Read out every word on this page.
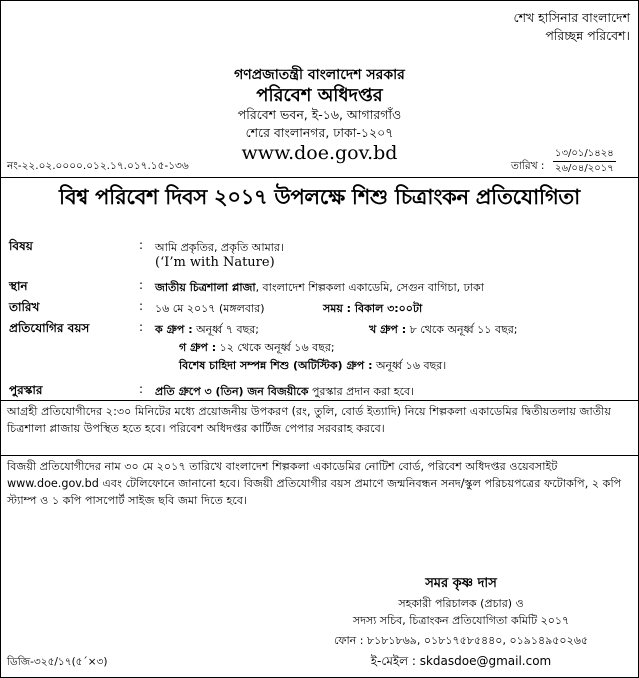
শেখ হাসিনার বাংলাদেশ
পরিচ্ছন্ন পরিবেশ।
গণপ্রজাতন্ত্রী বাংলাদেশ সরকার
পরিবেশ অধিদপ্তর
পরিবেশ ভবন, ই-১৬, আগারগাঁও
শেরে বাংলানগর, ঢাকা-১২০৭
www.doe.gov.bd
নং-২২.০২.০০০০.০১২.১৭.০১৭.১৫-১৩৬	তারিখ :
১৩/০১/১৪২৪
২৬/০৪/২০১৭
বিশ্ব পরিবেশ দিবস ২০১৭ উপলক্ষে শিশু চিত্রাংকন প্রতিযোগিতা
বিষয়	: আমি প্রকৃতির, প্রকৃতি আমার।
(‘I’m with Nature)
স্থান	: জাতীয় চিত্রশালা প্লাজা, বাংলাদেশ শিল্পকলা একাডেমি, সেগুন বাগিচা, ঢাকা
তারিখ	: ১৬ মে ২০১৭ (মঙ্গলবার)	সময় : বিকাল ৩:০০টা
প্রতিযোগির বয়স	: ক গ্রুপ : অনূর্ধ্ব ৭ বছর;	খ গ্রুপ : ৮ থেকে অনূর্ধ্ব ১১ বছর;
গ গ্রুপ : ১২ থেকে অনূর্ধ্ব ১৬ বছর;
বিশেষ চাহিদা সম্পন্ন শিশু (অটিস্টিক) গ্রুপ : অনূর্ধ্ব ১৬ বছর।
পুরস্কার	: প্রতি গ্রুপে ৩ (তিন) জন বিজয়ীকে পুরস্কার প্রদান করা হবে।
আগ্রহী প্রতিযোগীদের ২:৩০ মিনিটের মধ্যে প্রয়োজনীয় উপকরণ (রং, তুলি, বোর্ড ইত্যাদি) নিয়ে শিল্পকলা একাডেমির দ্বিতীয়তলায় জাতীয় চিত্রশালা প্লাজায় উপস্থিত হতে হবে। পরিবেশ অধিদপ্তর কার্টিজ পেপার সরবরাহ করবে।
বিজয়ী প্রতিযোগীদের নাম ৩০ মে ২০১৭ তারিখে বাংলাদেশ শিল্পকলা একাডেমির নোটিশ বোর্ড, পরিবেশ অধিদপ্তর ওয়েবসাইট www.doe.gov.bd এবং টেলিফোনে জানানো হবে। বিজয়ী প্রতিযোগীর বয়স প্রমাণে জন্মনিবন্ধন সনদ/স্কুল পরিচয়পত্রের ফটোকপি, ২ কপি স্ট্যাম্প ও ১ কপি পাসপোর্ট সাইজ ছবি জমা দিতে হবে।
সমর কৃষ্ণ দাস
সহকারী পরিচালক (প্রচার) ও
সদস্য সচিব, চিত্রাংকন প্রতিযোগিতা কমিটি ২০১৭
ফোন : ৮১৮১৮৬৯, ০১৮১৭৫৮৫৪৪০, ০১৯১৪৯৫০২৬৫
ই-মেইল : skdasdoe@gmail.com
ডিজি-৩২৫/১৭(৫´×৩)
